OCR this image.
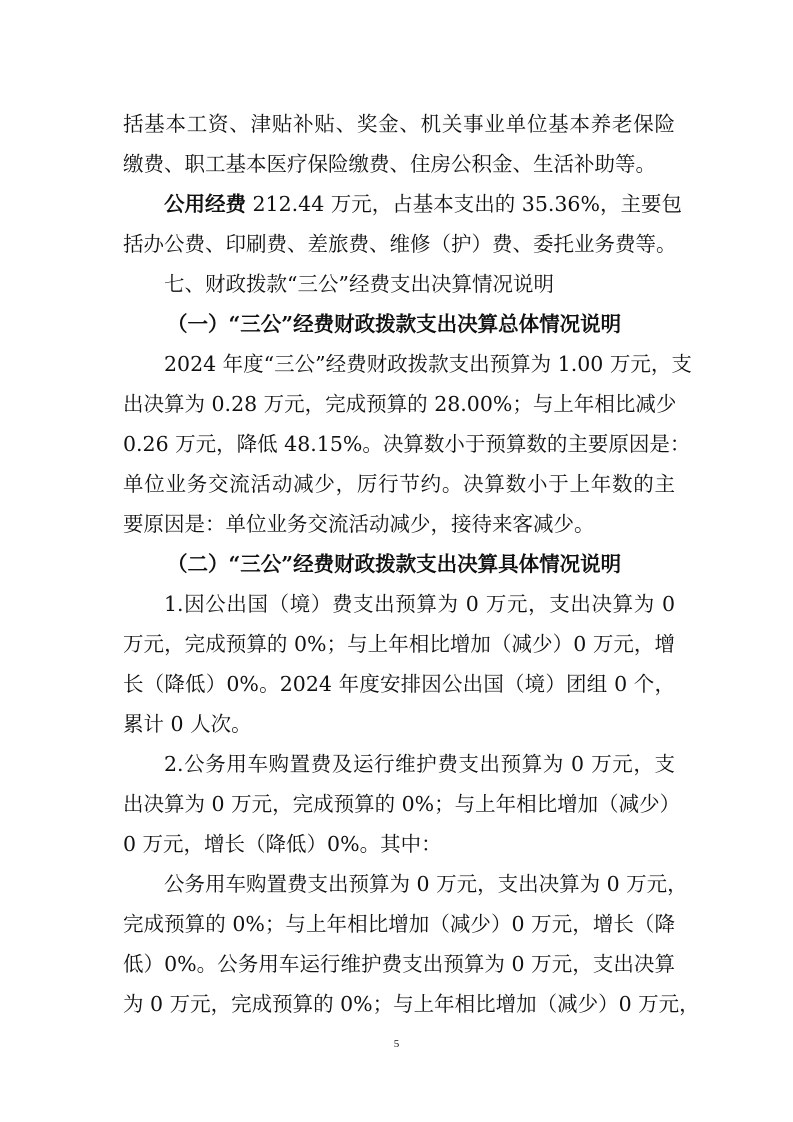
括基本工资、津贴补贴、奖金、机关事业单位基本养老保险
缴费、职工基本医疗保险缴费、住房公积金、生活补助等。
公用经费 212.44 万元，占基本支出的 35.36%，主要包
括办公费、印刷费、差旅费、维修（护）费、委托业务费等。
七、财政拨款“三公”经费支出决算情况说明
（一）“三公”经费财政拨款支出决算总体情况说明
2024 年度“三公”经费财政拨款支出预算为 1.00 万元，支
出决算为 0.28 万元，完成预算的 28.00%；与上年相比减少
0.26 万元，降低 48.15%。决算数小于预算数的主要原因是：
单位业务交流活动减少，厉行节约。决算数小于上年数的主
要原因是：单位业务交流活动减少，接待来客减少。
（二）“三公”经费财政拨款支出决算具体情况说明
1.因公出国（境）费支出预算为 0 万元，支出决算为 0
万元，完成预算的 0%；与上年相比增加（减少）0 万元，增
长（降低）0%。2024 年度安排因公出国（境）团组 0 个，
累计 0 人次。
2.公务用车购置费及运行维护费支出预算为 0 万元，支
出决算为 0 万元，完成预算的 0%；与上年相比增加（减少）
0 万元，增长（降低）0%。其中：
公务用车购置费支出预算为 0 万元，支出决算为 0 万元，
完成预算的 0%；与上年相比增加（减少）0 万元，增长（降
低）0%。公务用车运行维护费支出预算为 0 万元，支出决算
为 0 万元，完成预算的 0%；与上年相比增加（减少）0 万元，
5
